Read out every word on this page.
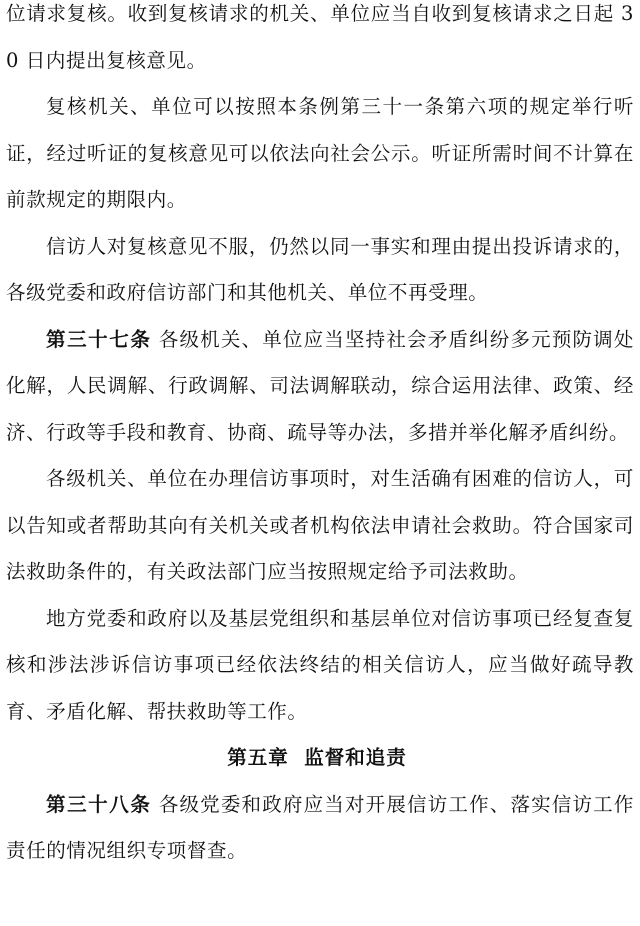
位请求复核。收到复核请求的机关、单位应当自收到复核请求之日起 30 日内提出复核意见。

复核机关、单位可以按照本条例第三十一条第六项的规定举行听证，经过听证的复核意见可以依法向社会公示。听证所需时间不计算在前款规定的期限内。

信访人对复核意见不服，仍然以同一事实和理由提出投诉请求的，各级党委和政府信访部门和其他机关、单位不再受理。

第三十七条 各级机关、单位应当坚持社会矛盾纠纷多元预防调处化解，人民调解、行政调解、司法调解联动，综合运用法律、政策、经济、行政等手段和教育、协商、疏导等办法，多措并举化解矛盾纠纷。

各级机关、单位在办理信访事项时，对生活确有困难的信访人，可以告知或者帮助其向有关机关或者机构依法申请社会救助。符合国家司法救助条件的，有关政法部门应当按照规定给予司法救助。

地方党委和政府以及基层党组织和基层单位对信访事项已经复查复核和涉法涉诉信访事项已经依法终结的相关信访人，应当做好疏导教育、矛盾化解、帮扶救助等工作。

第五章  监督和追责

第三十八条 各级党委和政府应当对开展信访工作、落实信访工作责任的情况组织专项督查。
